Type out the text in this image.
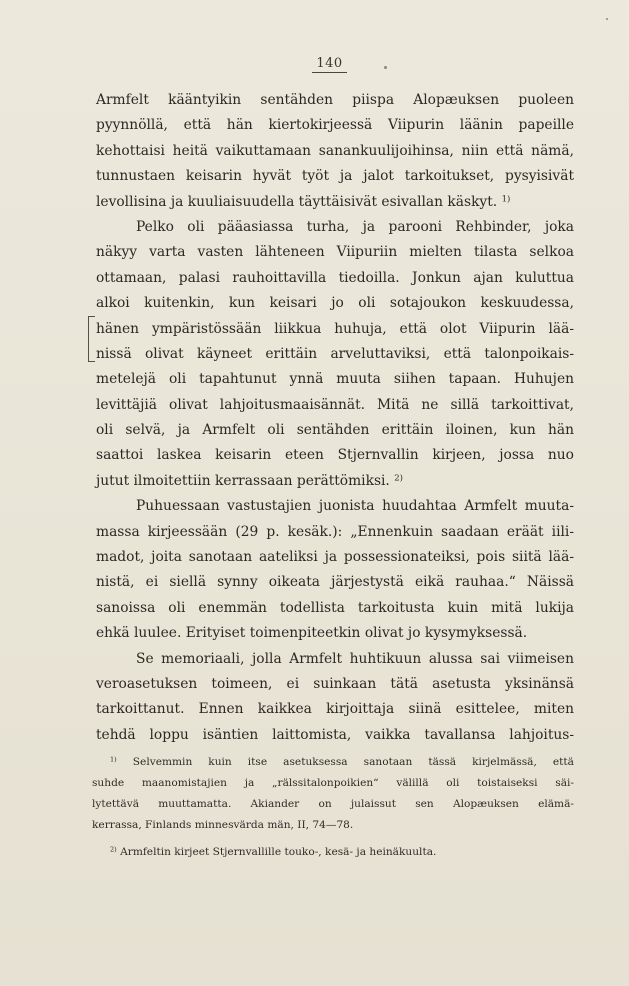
140
Armfelt kääntyikin sentähden piispa Alopæuksen puoleen
pyynnöllä, että hän kiertokirjeessä Viipurin läänin papeille
kehottaisi heitä vaikuttamaan sanankuulijoihinsa, niin että nämä,
tunnustaen keisarin hyvät työt ja jalot tarkoitukset, pysyisivät
levollisina ja kuuliaisuudella täyttäisivät esivallan käskyt. $^{1)}$
Pelko oli pääasiassa turha, ja parooni Rehbinder, joka
näkyy varta vasten lähteneen Viipuriin mielten tilasta selkoa
ottamaan, palasi rauhoittavilla tiedoilla. Jonkun ajan kuluttua
alkoi kuitenkin, kun keisari jo oli sotajoukon keskuudessa,
hänen ympäristössään liikkua huhuja, että olot Viipurin lää-
nissä olivat käyneet erittäin arveluttaviksi, että talonpoikais-
metelejä oli tapahtunut ynnä muuta siihen tapaan. Huhujen
levittäjiä olivat lahjoitusmaaisännät. Mitä ne sillä tarkoittivat,
oli selvä, ja Armfelt oli sentähden erittäin iloinen, kun hän
saattoi laskea keisarin eteen Stjernvallin kirjeen, jossa nuo
jutut ilmoitettiin kerrassaan perättömiksi. $^{2)}$
Puhuessaan vastustajien juonista huudahtaa Armfelt muuta-
massa kirjeessään (29 p. kesäk.): „Ennenkuin saadaan eräät iili-
madot, joita sanotaan aateliksi ja possessionateiksi, pois siitä lää-
nistä, ei siellä synny oikeata järjestystä eikä rauhaa.“ Näissä
sanoissa oli enemmän todellista tarkoitusta kuin mitä lukija
ehkä luulee. Erityiset toimenpiteetkin olivat jo kysymyksessä.
Se memoriaali, jolla Armfelt huhtikuun alussa sai viimeisen
veroasetuksen toimeen, ei suinkaan tätä asetusta yksinänsä
tarkoittanut. Ennen kaikkea kirjoittaja siinä esittelee, miten
tehdä loppu isäntien laittomista, vaikka tavallansa lahjoitus-
$^{1)}$ Selvemmin kuin itse asetuksessa sanotaan tässä kirjelmässä, että
suhde maanomistajien ja „rälssitalonpoikien“ välillä oli toistaiseksi säi-
lytettävä muuttamatta. Akiander on julaissut sen Alopæuksen elämä-
kerrassa, Finlands minnesvärda män, II, 74—78.
$^{2)}$ Armfeltin kirjeet Stjernvallille touko-, kesä- ja heinäkuulta.
